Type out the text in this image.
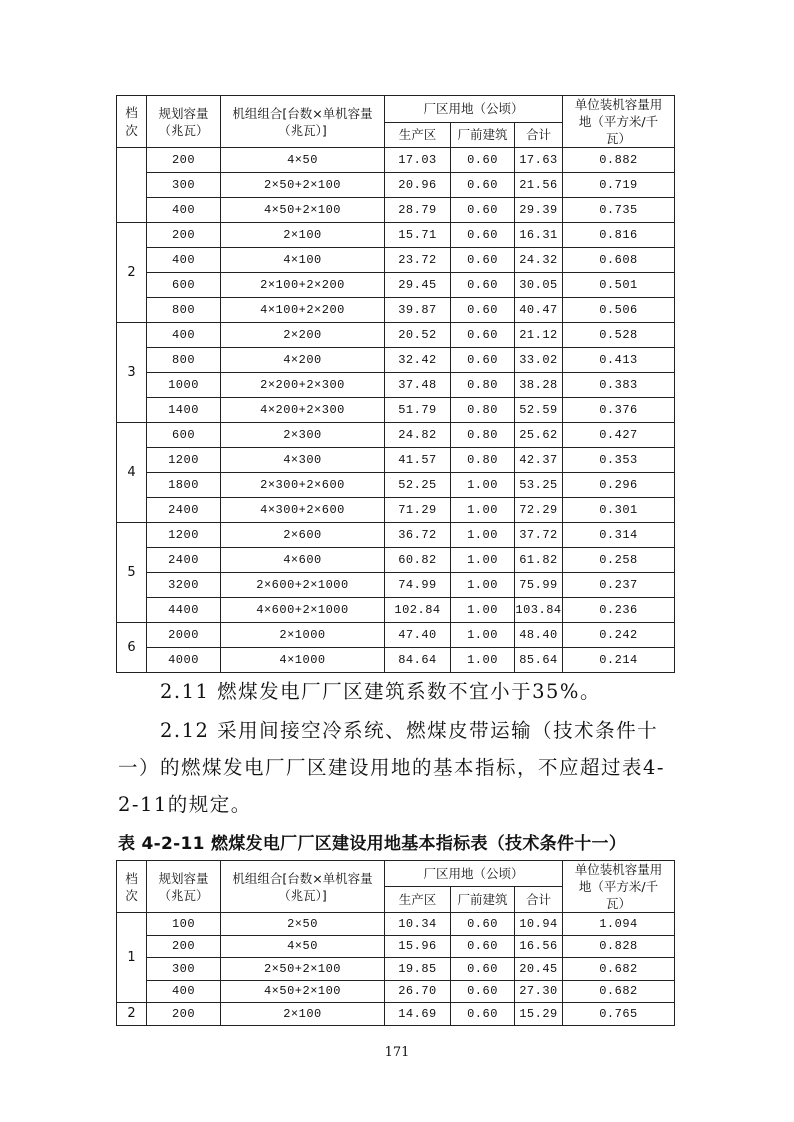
档次	规划容量（兆瓦）	机组组合[台数×单机容量（兆瓦）]	厂区用地（公顷）			单位装机容量用地（平方米/千瓦）
			生产区	厂前建筑	合计	
	200	4×50	17.03	0.60	17.63	0.882
	300	2×50+2×100	20.96	0.60	21.56	0.719
	400	4×50+2×100	28.79	0.60	29.39	0.735
2	200	2×100	15.71	0.60	16.31	0.816
	400	4×100	23.72	0.60	24.32	0.608
	600	2×100+2×200	29.45	0.60	30.05	0.501
	800	4×100+2×200	39.87	0.60	40.47	0.506
3	400	2×200	20.52	0.60	21.12	0.528
	800	4×200	32.42	0.60	33.02	0.413
	1000	2×200+2×300	37.48	0.80	38.28	0.383
	1400	4×200+2×300	51.79	0.80	52.59	0.376
4	600	2×300	24.82	0.80	25.62	0.427
	1200	4×300	41.57	0.80	42.37	0.353
	1800	2×300+2×600	52.25	1.00	53.25	0.296
	2400	4×300+2×600	71.29	1.00	72.29	0.301
5	1200	2×600	36.72	1.00	37.72	0.314
	2400	4×600	60.82	1.00	61.82	0.258
	3200	2×600+2×1000	74.99	1.00	75.99	0.237
	4400	4×600+2×1000	102.84	1.00	103.84	0.236
6	2000	2×1000	47.40	1.00	48.40	0.242
	4000	4×1000	84.64	1.00	85.64	0.214

2.11 燃煤发电厂厂区建筑系数不宜小于35%。

2.12 采用间接空冷系统、燃煤皮带运输（技术条件十一）的燃煤发电厂厂区建设用地的基本指标，不应超过表4-2-11的规定。

表 4-2-11 燃煤发电厂厂区建设用地基本指标表（技术条件十一）

档次	规划容量（兆瓦）	机组组合[台数×单机容量（兆瓦）]	厂区用地（公顷）			单位装机容量用地（平方米/千瓦）
			生产区	厂前建筑	合计	
1	100	2×50	10.34	0.60	10.94	1.094
	200	4×50	15.96	0.60	16.56	0.828
	300	2×50+2×100	19.85	0.60	20.45	0.682
	400	4×50+2×100	26.70	0.60	27.30	0.682
2	200	2×100	14.69	0.60	15.29	0.765
171
